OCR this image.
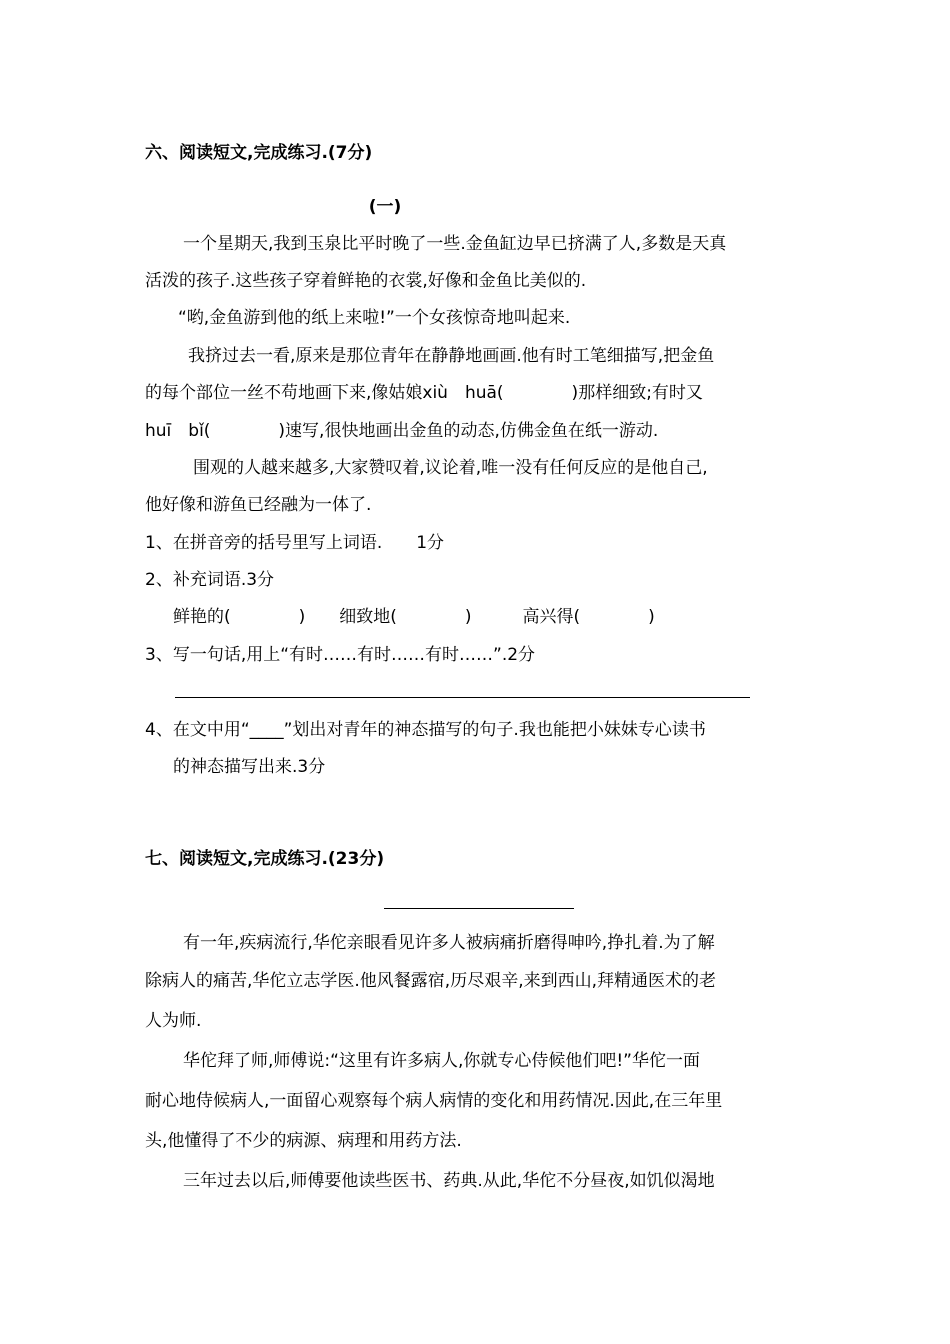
六、阅读短文,完成练习.(7分)
(一)
一个星期天,我到玉泉比平时晚了一些.金鱼缸边早已挤满了人,多数是天真
活泼的孩子.这些孩子穿着鲜艳的衣裳,好像和金鱼比美似的.
“哟,金鱼游到他的纸上来啦!”一个女孩惊奇地叫起来.
我挤过去一看,原来是那位青年在静静地画画.他有时工笔细描写,把金鱼
的每个部位一丝不苟地画下来,像姑娘xiù　huā(　　　　)那样细致;有时又
huī　bǐ(　　　　)速写,很快地画出金鱼的动态,仿佛金鱼在纸一游动.
围观的人越来越多,大家赞叹着,议论着,唯一没有任何反应的是他自己,
他好像和游鱼已经融为一体了.
1、在拼音旁的括号里写上词语.　　1分
2、补充词语.3分
鲜艳的(　　　　)　　细致地(　　　　)　　　高兴得(　　　　)
3、写一句话,用上“有时……有时……有时……”.2分
4、在文中用“____”划出对青年的神态描写的句子.我也能把小妹妹专心读书
的神态描写出来.3分
七、阅读短文,完成练习.(23分)
有一年,疾病流行,华佗亲眼看见许多人被病痛折磨得呻吟,挣扎着.为了解
除病人的痛苦,华佗立志学医.他风餐露宿,历尽艰辛,来到西山,拜精通医术的老
人为师.
华佗拜了师,师傅说:“这里有许多病人,你就专心侍候他们吧!”华佗一面
耐心地侍候病人,一面留心观察每个病人病情的变化和用药情况.因此,在三年里
头,他懂得了不少的病源、病理和用药方法.
三年过去以后,师傅要他读些医书、药典.从此,华佗不分昼夜,如饥似渴地
